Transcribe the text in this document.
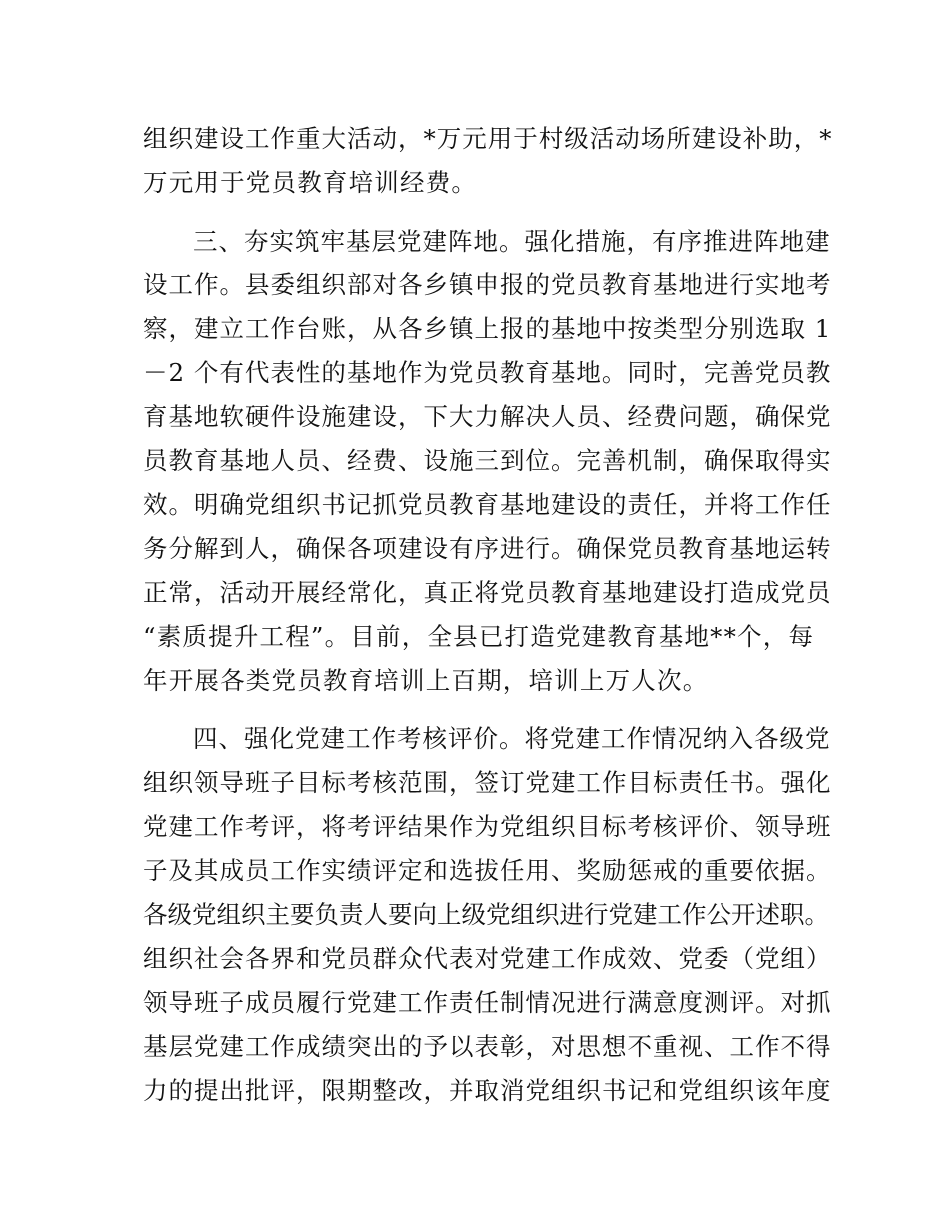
组织建设工作重大活动，*万元用于村级活动场所建设补助，*
万元用于党员教育培训经费。
三、夯实筑牢基层党建阵地。强化措施，有序推进阵地建
设工作。县委组织部对各乡镇申报的党员教育基地进行实地考
察，建立工作台账，从各乡镇上报的基地中按类型分别选取 1
－2 个有代表性的基地作为党员教育基地。同时，完善党员教
育基地软硬件设施建设，下大力解决人员、经费问题，确保党
员教育基地人员、经费、设施三到位。完善机制，确保取得实
效。明确党组织书记抓党员教育基地建设的责任，并将工作任
务分解到人，确保各项建设有序进行。确保党员教育基地运转
正常，活动开展经常化，真正将党员教育基地建设打造成党员
“素质提升工程”。目前，全县已打造党建教育基地**个，每
年开展各类党员教育培训上百期，培训上万人次。
四、强化党建工作考核评价。将党建工作情况纳入各级党
组织领导班子目标考核范围，签订党建工作目标责任书。强化
党建工作考评，将考评结果作为党组织目标考核评价、领导班
子及其成员工作实绩评定和选拔任用、奖励惩戒的重要依据。
各级党组织主要负责人要向上级党组织进行党建工作公开述职。
组织社会各界和党员群众代表对党建工作成效、党委（党组）
领导班子成员履行党建工作责任制情况进行满意度测评。对抓
基层党建工作成绩突出的予以表彰，对思想不重视、工作不得
力的提出批评，限期整改，并取消党组织书记和党组织该年度
